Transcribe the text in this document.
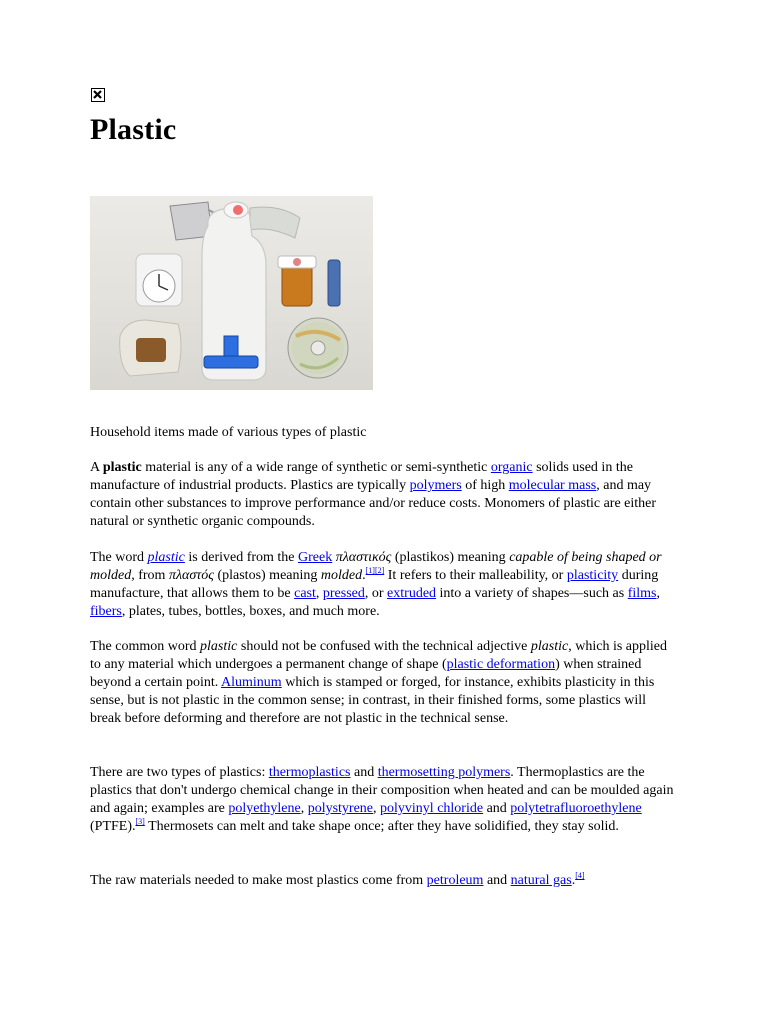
Plastic
Household items made of various types of plastic

A plastic material is any of a wide range of synthetic or semi-synthetic organic solids used in the manufacture of industrial products. Plastics are typically polymers of high molecular mass, and may contain other substances to improve performance and/or reduce costs. Monomers of plastic are either natural or synthetic organic compounds.

The word plastic is derived from the Greek πλαστικός (plastikos) meaning capable of being shaped or molded, from πλαστός (plastos) meaning molded.[1][2] It refers to their malleability, or plasticity during manufacture, that allows them to be cast, pressed, or extruded into a variety of shapes—such as films, fibers, plates, tubes, bottles, boxes, and much more.

The common word plastic should not be confused with the technical adjective plastic, which is applied to any material which undergoes a permanent change of shape (plastic deformation) when strained beyond a certain point. Aluminum which is stamped or forged, for instance, exhibits plasticity in this sense, but is not plastic in the common sense; in contrast, in their finished forms, some plastics will break before deforming and therefore are not plastic in the technical sense.

There are two types of plastics: thermoplastics and thermosetting polymers. Thermoplastics are the plastics that don't undergo chemical change in their composition when heated and can be moulded again and again; examples are polyethylene, polystyrene, polyvinyl chloride and polytetrafluoroethylene (PTFE).[3] Thermosets can melt and take shape once; after they have solidified, they stay solid.

The raw materials needed to make most plastics come from petroleum and natural gas.[4]
